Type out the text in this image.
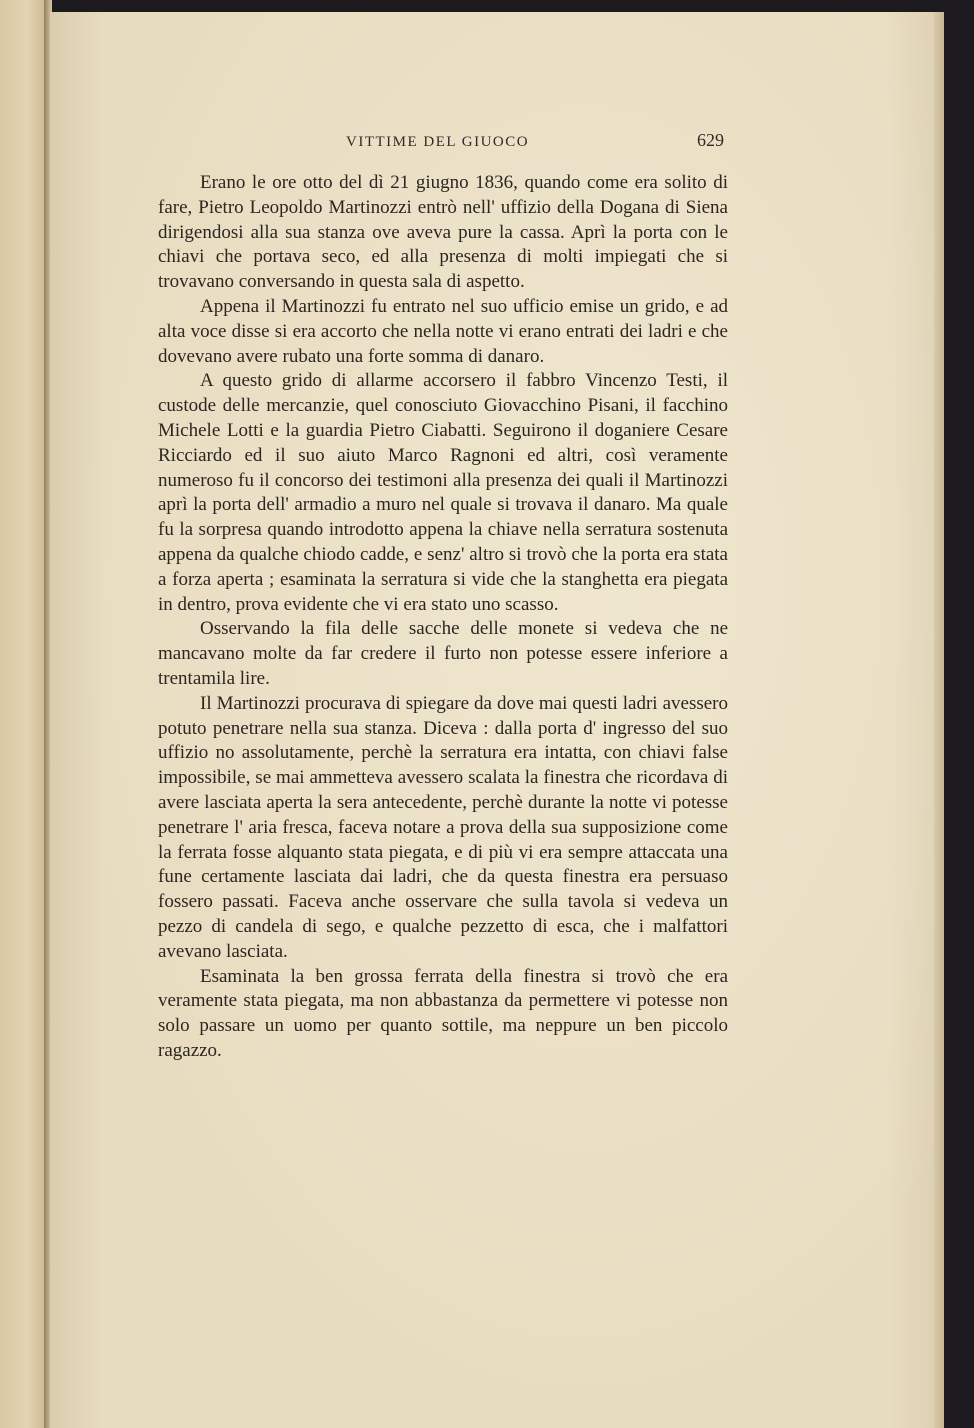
VITTIME DEL GIUOCO	629

Erano le ore otto del dì 21 giugno 1836, quando come era solito di fare, Pietro Leopoldo Martinozzi entrò nell' uffizio della Dogana di Siena dirigendosi alla sua stanza ove aveva pure la cassa. Aprì la porta con le chiavi che portava seco, ed alla presenza di molti impiegati che si trovavano conversando in questa sala di aspetto.

Appena il Martinozzi fu entrato nel suo ufficio emise un grido, e ad alta voce disse si era accorto che nella notte vi erano entrati dei ladri e che dovevano avere rubato una forte somma di danaro.

A questo grido di allarme accorsero il fabbro Vincenzo Testi, il custode delle mercanzie, quel conosciuto Giovacchino Pisani, il facchino Michele Lotti e la guardia Pietro Ciabatti. Seguirono il doganiere Cesare Ricciardo ed il suo aiuto Marco Ragnoni ed altri, così veramente numeroso fu il concorso dei testimoni alla presenza dei quali il Martinozzi aprì la porta dell' armadio a muro nel quale si trovava il danaro. Ma quale fu la sorpresa quando introdotto appena la chiave nella serratura sostenuta appena da qualche chiodo cadde, e senz' altro si trovò che la porta era stata a forza aperta ; esaminata la serratura si vide che la stanghetta era piegata in dentro, prova evidente che vi era stato uno scasso.

Osservando la fila delle sacche delle monete si vedeva che ne mancavano molte da far credere il furto non potesse essere inferiore a trentamila lire.

Il Martinozzi procurava di spiegare da dove mai questi ladri avessero potuto penetrare nella sua stanza. Diceva : dalla porta d' ingresso del suo uffizio no assolutamente, perchè la serratura era intatta, con chiavi false impossibile, se mai ammetteva avessero scalata la finestra che ricordava di avere lasciata aperta la sera antecedente, perchè durante la notte vi potesse penetrare l' aria fresca, faceva notare a prova della sua supposizione come la ferrata fosse alquanto stata piegata, e di più vi era sempre attaccata una fune certamente lasciata dai ladri, che da questa finestra era persuaso fossero passati. Faceva anche osservare che sulla tavola si vedeva un pezzo di candela di sego, e qualche pezzetto di esca, che i malfattori avevano lasciata.

Esaminata la ben grossa ferrata della finestra si trovò che era veramente stata piegata, ma non abbastanza da permettere vi potesse non solo passare un uomo per quanto sottile, ma neppure un ben piccolo ragazzo.
